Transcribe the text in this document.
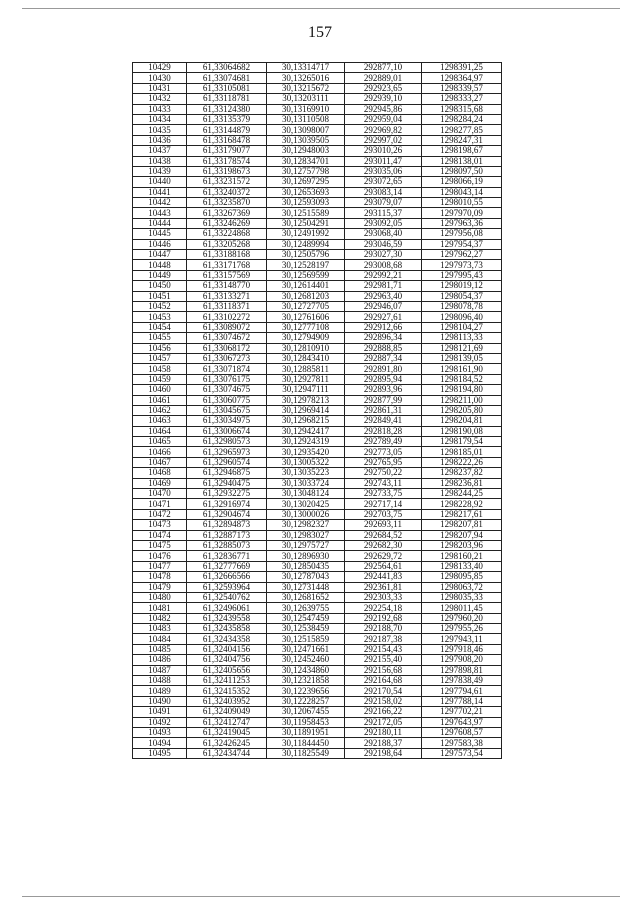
157
10429	61,33064682	30,13314717	292877,10	1298391,25
10430	61,33074681	30,13265016	292889,01	1298364,97
10431	61,33105081	30,13215672	292923,65	1298339,57
10432	61,33118781	30,13203111	292939,10	1298333,27
10433	61,33124380	30,13169910	292945,86	1298315,68
10434	61,33135379	30,13110508	292959,04	1298284,24
10435	61,33144879	30,13098007	292969,82	1298277,85
10436	61,33168478	30,13039505	292997,02	1298247,31
10437	61,33179077	30,12948003	293010,26	1298198,67
10438	61,33178574	30,12834701	293011,47	1298138,01
10439	61,33198673	30,12757798	293035,06	1298097,50
10440	61,33231572	30,12697295	293072,65	1298066,19
10441	61,33240372	30,12653693	293083,14	1298043,14
10442	61,33235870	30,12593093	293079,07	1298010,55
10443	61,33267369	30,12515589	293115,37	1297970,09
10444	61,33246269	30,12504291	293092,05	1297963,36
10445	61,33224868	30,12491992	293068,40	1297956,08
10446	61,33205268	30,12489994	293046,59	1297954,37
10447	61,33188168	30,12505796	293027,30	1297962,27
10448	61,33171768	30,12528197	293008,68	1297973,73
10449	61,33157569	30,12569599	292992,21	1297995,43
10450	61,33148770	30,12614401	292981,71	1298019,12
10451	61,33133271	30,12681203	292963,40	1298054,37
10452	61,33118371	30,12727705	292946,07	1298078,78
10453	61,33102272	30,12761606	292927,61	1298096,40
10454	61,33089072	30,12777108	292912,66	1298104,27
10455	61,33074672	30,12794909	292896,34	1298113,33
10456	61,33068172	30,12810910	292888,85	1298121,69
10457	61,33067273	30,12843410	292887,34	1298139,05
10458	61,33071874	30,12885811	292891,80	1298161,90
10459	61,33076175	30,12927811	292895,94	1298184,52
10460	61,33074675	30,12947111	292893,96	1298194,80
10461	61,33060775	30,12978213	292877,99	1298211,00
10462	61,33045675	30,12969414	292861,31	1298205,80
10463	61,33034975	30,12968215	292849,41	1298204,81
10464	61,33006674	30,12942417	292818,28	1298190,08
10465	61,32980573	30,12924319	292789,49	1298179,54
10466	61,32965973	30,12935420	292773,05	1298185,01
10467	61,32960574	30,13005322	292765,95	1298222,26
10468	61,32946875	30,13035223	292750,22	1298237,82
10469	61,32940475	30,13033724	292743,11	1298236,81
10470	61,32932275	30,13048124	292733,75	1298244,25
10471	61,32916974	30,13020425	292717,14	1298228,92
10472	61,32904674	30,13000026	292703,75	1298217,61
10473	61,32894873	30,12982327	292693,11	1298207,81
10474	61,32887173	30,12983027	292684,52	1298207,94
10475	61,32885073	30,12975727	292682,30	1298203,96
10476	61,32836771	30,12896930	292629,72	1298160,21
10477	61,32777669	30,12850435	292564,61	1298133,40
10478	61,32666566	30,12787043	292441,83	1298095,85
10479	61,32593964	30,12731448	292361,81	1298063,72
10480	61,32540762	30,12681652	292303,33	1298035,33
10481	61,32496061	30,12639755	292254,18	1298011,45
10482	61,32439558	30,12547459	292192,68	1297960,20
10483	61,32435858	30,12538459	292188,70	1297955,26
10484	61,32434358	30,12515859	292187,38	1297943,11
10485	61,32404156	30,12471661	292154,43	1297918,46
10486	61,32404756	30,12452460	292155,40	1297908,20
10487	61,32405656	30,12434860	292156,68	1297898,81
10488	61,32411253	30,12321858	292164,68	1297838,49
10489	61,32415352	30,12239656	292170,54	1297794,61
10490	61,32403952	30,12228257	292158,02	1297788,14
10491	61,32409049	30,12067455	292166,22	1297702,21
10492	61,32412747	30,11958453	292172,05	1297643,97
10493	61,32419045	30,11891951	292180,11	1297608,57
10494	61,32426245	30,11844450	292188,37	1297583,38
10495	61,32434744	30,11825549	292198,64	1297573,54
